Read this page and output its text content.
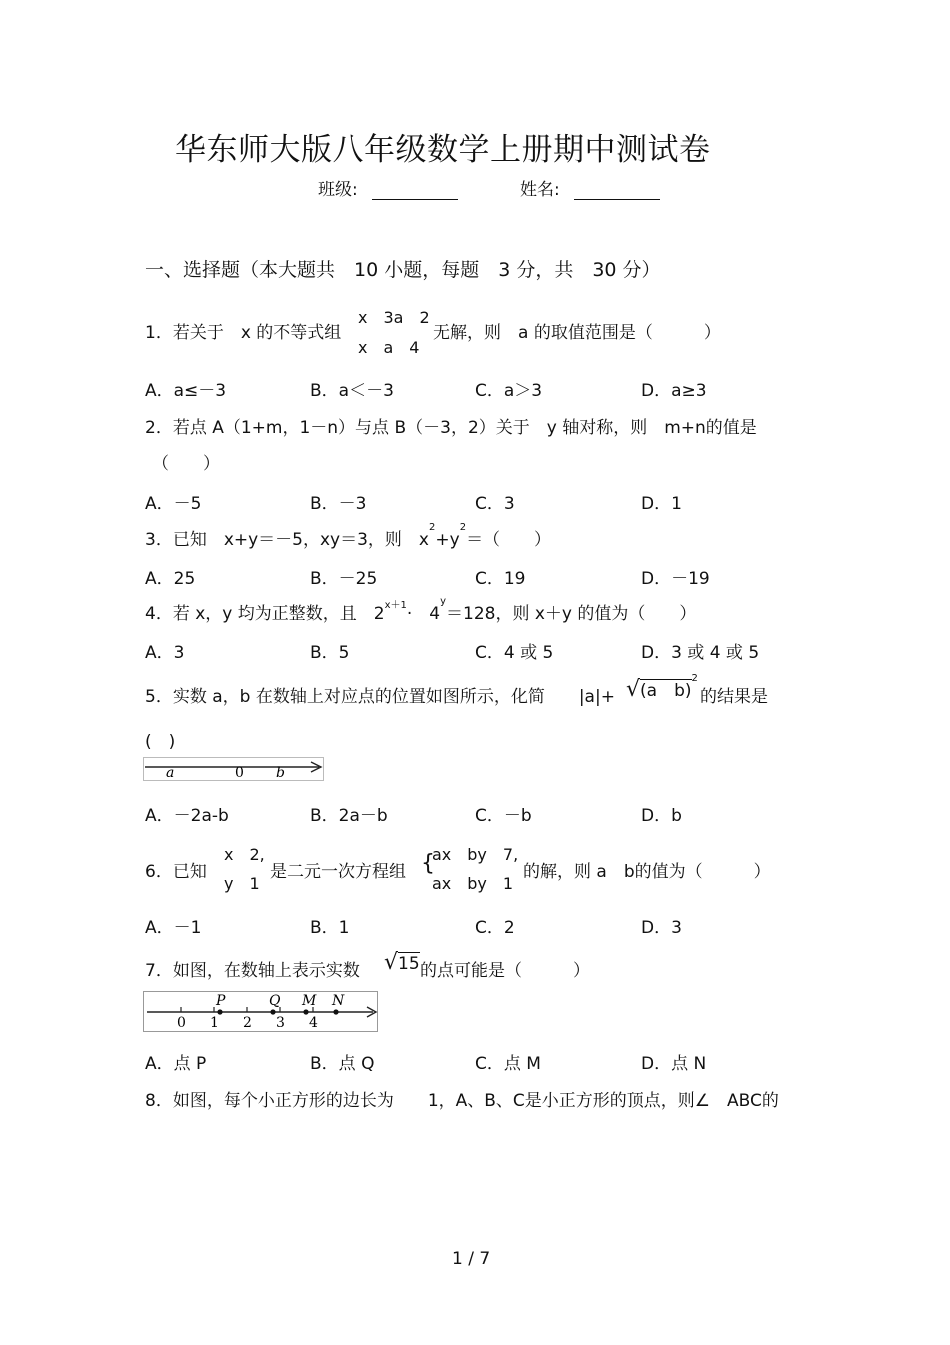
华东师大版八年级数学上册期中测试卷
班级:	姓名:
一、选择题（本大题共　10 小题，每题　3 分，共　30 分）
1．若关于　x 的不等式组
x　3a　2
x　a　4
无解，则　a 的取值范围是（　　　）
A．a≤－3	B．a＜－3	C．a＞3	D．a≥3
2．若点 A（1+m，1－n）与点 B（－3，2）关于　y 轴对称，则　m+n的值是
（　　）
A．－5	B．－3	C．3	D．1
3．已知　x+y＝－5，xy＝3，则　$x^2+y^2=$（　　）
A．25	B．－25	C．19	D．－19
4．若 x，y 均为正整数，且　$2^{x+1}\cdot$　$4^y=128$，则 x＋y 的值为（　　）
A．3	B．5	C．4 或 5	D．3 或 4 或 5
5．实数 a，b 在数轴上对应点的位置如图所示，化简　　|a|+ √(a　b)$^2$
的结果是
(　)
a	0 b
A．－2a-b	B．2a－b	C．－b	D．b
6．已知
x　2,
y　1
是二元一次方程组 {
ax　by　7,
ax　by　1
的解，则 a　b的值为（　　　）
A．－1	B．1	C．2	D．3
7．如图，在数轴上表示实数 √15 的点可能是（　　　）
0 1 2 3 4
P	Q M N
A．点 P	B．点 Q	C．点 M	D．点 N
8．如图，每个小正方形的边长为　　1，A、B、C是小正方形的顶点，则∠　ABC的
1 / 7
